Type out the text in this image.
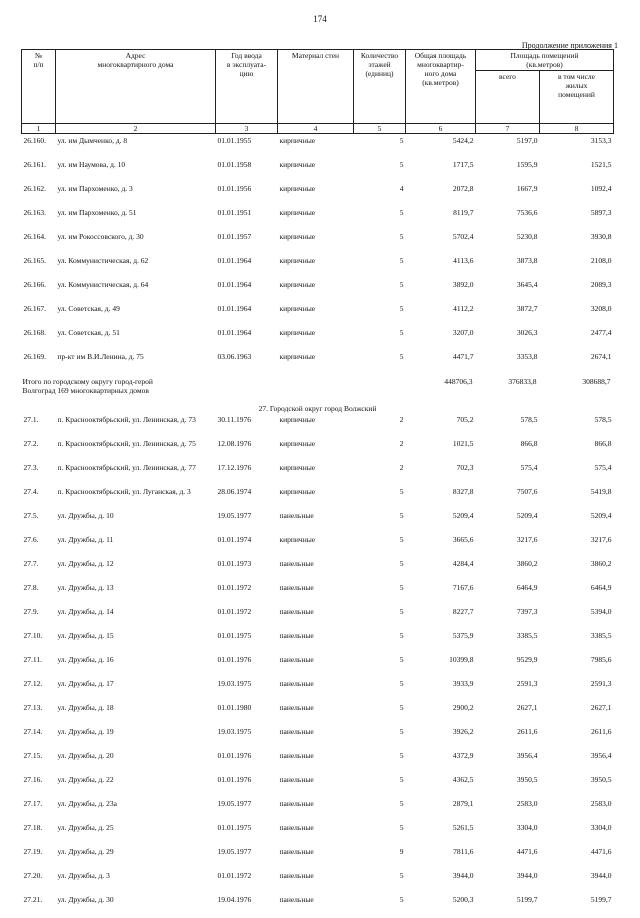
174
Продолжение приложения 1
№
п/п	Адрес
многоквартирного дома	Год ввода
в эксплуата-
цию	Материал стен	Количество
этажей
(единиц)	Общая площадь
многоквартир-
ного дома
(кв.метров)	Площадь помещений
(кв.метров)	
						всего	в том числе
жилых
помещений
1	2	3	4	5	6	7	8
26.160.	ул. им Дымченко, д. 8	01.01.1955	кирпичные	5	5424,2	5197,0	3153,3
26.161.	ул. им Наумова, д. 10	01.01.1958	кирпичные	5	1717,5	1595,9	1521,5
26.162.	ул. им Пархоменко, д. 3	01.01.1956	кирпичные	4	2072,8	1667,9	1092,4
26.163.	ул. им Пархоменко, д. 51	01.01.1951	кирпичные	5	8119,7	7536,6	5897,3
26.164.	ул. им Рокоссовского, д. 30	01.01.1957	кирпичные	5	5702,4	5230,8	3930,8
26.165.	ул. Коммунистическая, д. 62	01.01.1964	кирпичные	5	4113,6	3873,8	2108,0
26.166.	ул. Коммунистическая, д. 64	01.01.1964	кирпичные	5	3892,0	3645,4	2089,3
26.167.	ул. Советская, д. 49	01.01.1964	кирпичные	5	4112,2	3872,7	3208,0
26.168.	ул. Советская, д. 51	01.01.1964	кирпичные	5	3207,0	3026,3	2477,4
26.169.	пр-кт им В.И.Ленина, д. 75	03.06.1963	кирпичные	5	4471,7	3353,8	2674,1
Итого по городскому округу город-герой
Волгоград 169 многоквартирных домов					448706,3	376833,8	308688,7
27. Городской округ город Волжский							
27.1.	п. Краснооктябрьский, ул. Ленинская, д. 73	30.11.1976	кирпичные	2	705,2	578,5	578,5
27.2.	п. Краснооктябрьский, ул. Ленинская, д. 75	12.08.1976	кирпичные	2	1021,5	866,8	866,8
27.3.	п. Краснооктябрьский, ул. Ленинская, д. 77	17.12.1976	кирпичные	2	702,3	575,4	575,4
27.4.	п. Краснооктябрьский, ул. Луганская, д. 3	28.06.1974	кирпичные	5	8327,8	7507,6	5419,8
27.5.	ул. Дружбы, д. 10	19.05.1977	панельные	5	5209,4	5209,4	5209,4
27.6.	ул. Дружбы, д. 11	01.01.1974	кирпичные	5	3665,6	3217,6	3217,6
27.7.	ул. Дружбы, д. 12	01.01.1973	панельные	5	4284,4	3860,2	3860,2
27.8.	ул. Дружбы, д. 13	01.01.1972	панельные	5	7167,6	6464,9	6464,9
27.9.	ул. Дружбы, д. 14	01.01.1972	панельные	5	8227,7	7397,3	5394,0
27.10.	ул. Дружбы, д. 15	01.01.1975	панельные	5	5375,9	3385,5	3385,5
27.11.	ул. Дружбы, д. 16	01.01.1976	панельные	5	10399,8	9529,9	7985,6
27.12.	ул. Дружбы, д. 17	19.03.1975	панельные	5	3933,9	2591,3	2591,3
27.13.	ул. Дружбы, д. 18	01.01.1980	панельные	5	2900,2	2627,1	2627,1
27.14.	ул. Дружбы, д. 19	19.03.1975	панельные	5	3926,2	2611,6	2611,6
27.15.	ул. Дружбы, д. 20	01.01.1976	панельные	5	4372,9	3956,4	3956,4
27.16.	ул. Дружбы, д. 22	01.01.1976	панельные	5	4362,5	3950,5	3950,5
27.17.	ул. Дружбы, д. 23а	19.05.1977	панельные	5	2879,1	2583,0	2583,0
27.18.	ул. Дружбы, д. 25	01.01.1975	панельные	5	5261,5	3304,0	3304,0
27.19.	ул. Дружбы, д. 29	19.05.1977	панельные	9	7811,6	4471,6	4471,6
27.20.	ул. Дружбы, д. 3	01.01.1972	панельные	5	3944,0	3944,0	3944,0
27.21.	ул. Дружбы, д. 30	19.04.1976	панельные	5	5200,3	5199,7	5199,7
